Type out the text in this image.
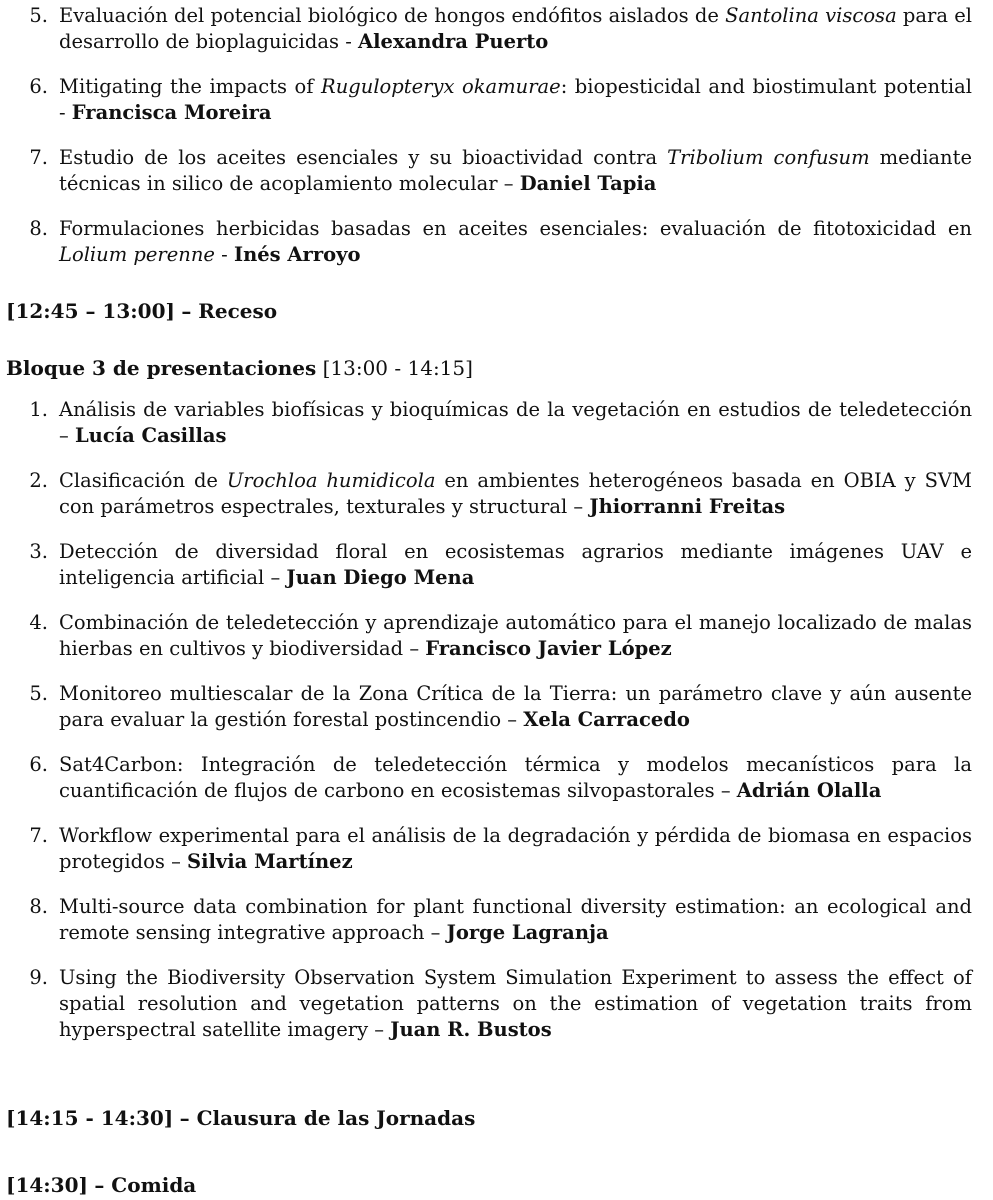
5. Evaluación del potencial biológico de hongos endófitos aislados de Santolina viscosa para el desarrollo de bioplaguicidas - Alexandra Puerto
6. Mitigating the impacts of Rugulopteryx okamurae: biopesticidal and biostimulant potential - Francisca Moreira
7. Estudio de los aceites esenciales y su bioactividad contra Tribolium confusum mediante técnicas in silico de acoplamiento molecular – Daniel Tapia
8. Formulaciones herbicidas basadas en aceites esenciales: evaluación de fitotoxicidad en Lolium perenne - Inés Arroyo
[12:45 – 13:00] – Receso
Bloque 3 de presentaciones [13:00 - 14:15]
1. Análisis de variables biofísicas y bioquímicas de la vegetación en estudios de teledetección – Lucía Casillas
2. Clasificación de Urochloa humidicola en ambientes heterogéneos basada en OBIA y SVM con parámetros espectrales, texturales y structural – Jhiorranni Freitas
3. Detección de diversidad floral en ecosistemas agrarios mediante imágenes UAV e inteligencia artificial – Juan Diego Mena
4. Combinación de teledetección y aprendizaje automático para el manejo localizado de malas hierbas en cultivos y biodiversidad – Francisco Javier López
5. Monitoreo multiescalar de la Zona Crítica de la Tierra: un parámetro clave y aún ausente para evaluar la gestión forestal postincendio – Xela Carracedo
6. Sat4Carbon: Integración de teledetección térmica y modelos mecanísticos para la cuantificación de flujos de carbono en ecosistemas silvopastorales – Adrián Olalla
7. Workflow experimental para el análisis de la degradación y pérdida de biomasa en espacios protegidos – Silvia Martínez
8. Multi-source data combination for plant functional diversity estimation: an ecological and remote sensing integrative approach – Jorge Lagranja
9. Using the Biodiversity Observation System Simulation Experiment to assess the effect of spatial resolution and vegetation patterns on the estimation of vegetation traits from hyperspectral satellite imagery – Juan R. Bustos
[14:15 - 14:30] – Clausura de las Jornadas
[14:30] – Comida
